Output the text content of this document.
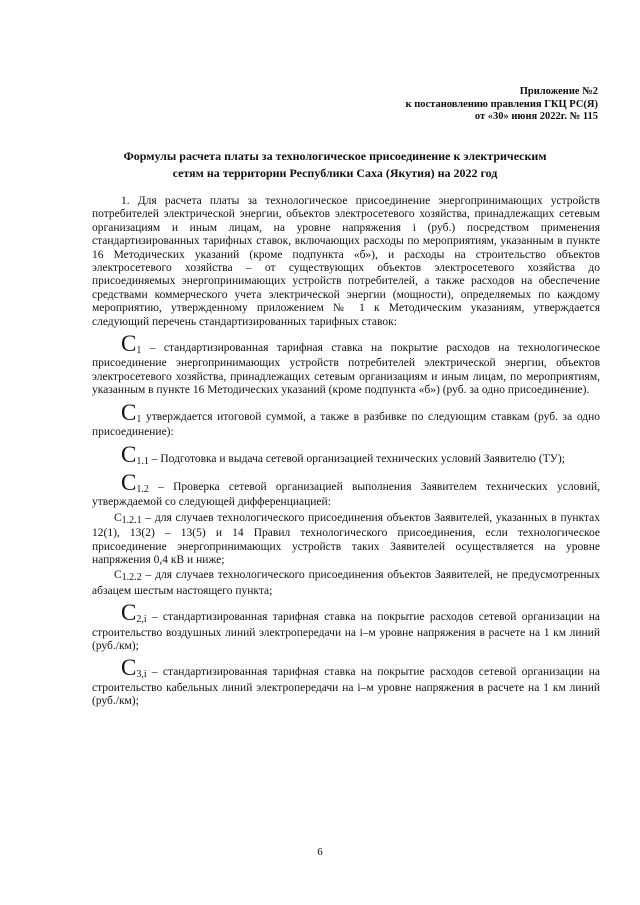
Приложение №2
к постановлению правления ГКЦ РС(Я)
от «30» июня 2022г. № 115
Формулы расчета платы за технологическое присоединение к электрическим
сетям на территории Республики Саха (Якутия) на 2022 год

1. Для расчета платы за технологическое присоединение энергопринимающих устройств потребителей электрической энергии, объектов электросетевого хозяйства, принадлежащих сетевым организациям и иным лицам, на уровне напряжения i (руб.) посредством применения стандартизированных тарифных ставок, включающих расходы по мероприятиям, указанным в пункте 16 Методических указаний (кроме подпункта «б»), и расходы на строительство объектов электросетевого хозяйства – от существующих объектов электросетевого хозяйства до присоединяемых энергопринимающих устройств потребителей, а также расходов на обеспечение средствами коммерческого учета электрической энергии (мощности), определяемых по каждому мероприятию, утвержденному приложением № 1 к Методическим указаниям, утверждается следующий перечень стандартизированных тарифных ставок:

C1 – стандартизированная тарифная ставка на покрытие расходов на технологическое присоединение энергопринимающих устройств потребителей электрической энергии, объектов электросетевого хозяйства, принадлежащих сетевым организациям и иным лицам, по мероприятиям, указанным в пункте 16 Методических указаний (кроме подпункта «б») (руб. за одно присоединение).

C1 утверждается итоговой суммой, а также в разбивке по следующим ставкам (руб. за одно присоединение):

C1.1 – Подготовка и выдача сетевой организацией технических условий Заявителю (ТУ);

C1.2 – Проверка сетевой организацией выполнения Заявителем технических условий, утверждаемой со следующей дифференциацией:

C1.2.1 – для случаев технологического присоединения объектов Заявителей, указанных в пунктах 12(1), 13(2) – 13(5) и 14 Правил технологического присоединения, если технологическое присоединение энергопринимающих устройств таких Заявителей осуществляется на уровне напряжения 0,4 кВ и ниже;

C1.2.2 – для случаев технологического присоединения объектов Заявителей, не предусмотренных абзацем шестым настоящего пункта;

C2,i – стандартизированная тарифная ставка на покрытие расходов сетевой организации на строительство воздушных линий электропередачи на i–м уровне напряжения в расчете на 1 км линий (руб./км);

C3,i – стандартизированная тарифная ставка на покрытие расходов сетевой организации на строительство кабельных линий электропередачи на i–м уровне напряжения в расчете на 1 км линий (руб./км);

6
